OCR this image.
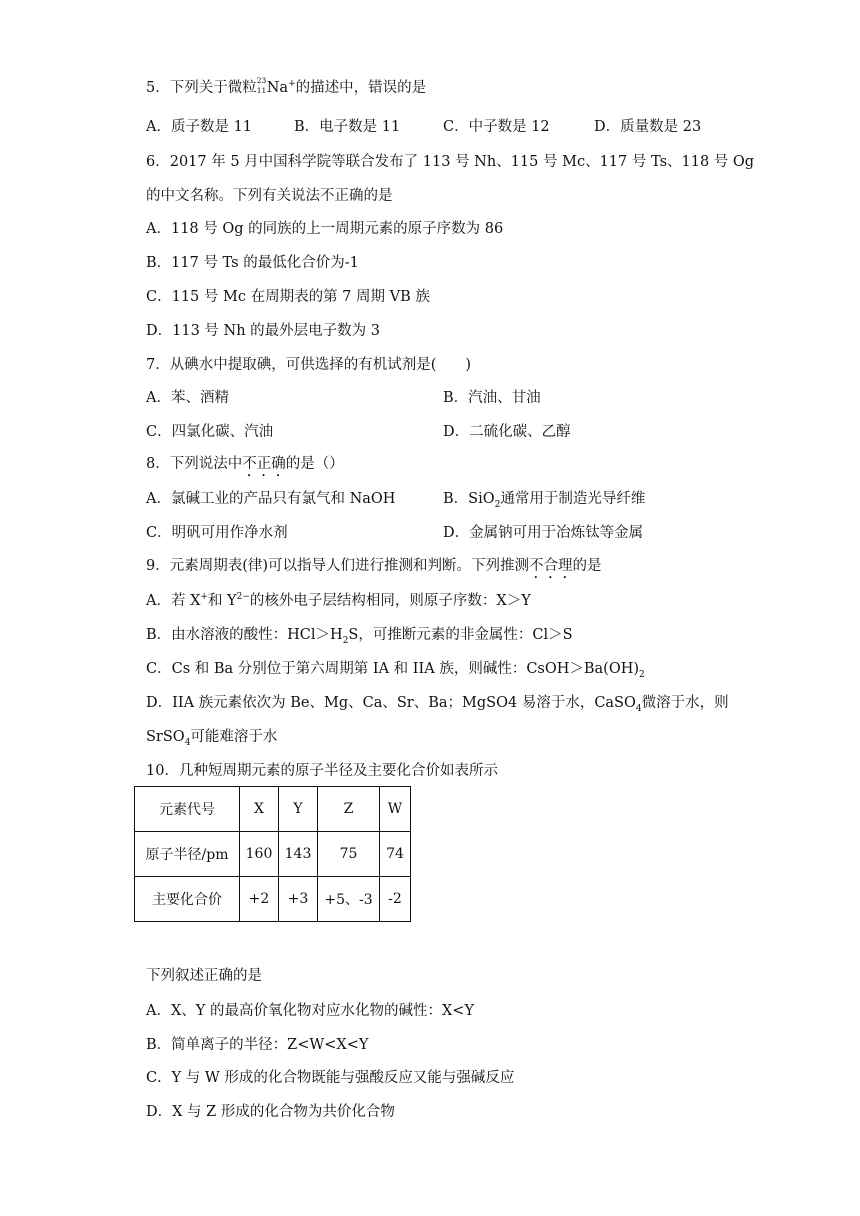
5．下列关于微粒 23
11 Na+的描述中，错误的是
A．质子数是 11	B．电子数是 11	C．中子数是 12	D．质量数是 23
6．2017 年 5 月中国科学院等联合发布了 113 号 Nh、115 号 Mc、117 号 Ts、118 号 Og
的中文名称。下列有关说法不正确的是
A．118 号 Og 的同族的上一周期元素的原子序数为 86
B．117 号 Ts 的最低化合价为-1
C．115 号 Mc 在周期表的第 7 周期 VB 族
D．113 号 Nh 的最外层电子数为 3
7．从碘水中提取碘，可供选择的有机试剂是(　　)
A．苯、酒精	B．汽油、甘油
C．四氯化碳、汽油	D．二硫化碳、乙醇
8．下列说法中不正确的是（）
A．氯碱工业的产品只有氯气和 NaOH	B．SiO$_2$通常用于制造光导纤维
C．明矾可用作净水剂	D．金属钠可用于冶炼钛等金属
9．元素周期表(律)可以指导人们进行推测和判断。下列推测不合理的是
A．若 X+和 $Y^{2-}$的核外电子层结构相同，则原子序数：X＞Y
B．由水溶液的酸性：$HCl>H_2S$，可推断元素的非金属性：Cl＞S
C．Cs 和 Ba 分别位于第六周期第 IA 和 IIA 族，则碱性：$CsOH>Ba(OH)_2$
D．IIA 族元素依次为 Be、Mg、Ca、Sr、Ba；MgSO4 易溶于水，CaSO$_4$微溶于水，则
SrSO$_4$可能难溶于水
10．几种短周期元素的原子半径及主要化合价如表所示
元素代号	X	Y	Z	W
原子半径/pm	160	143	75	74
主要化合价	+2	+3	+5、-3	-2
下列叙述正确的是
A．X、Y 的最高价氧化物对应水化物的碱性：X<Y
B．简单离子的半径：Z<W<X<Y
C．Y 与 W 形成的化合物既能与强酸反应又能与强碱反应
D．X 与 Z 形成的化合物为共价化合物
